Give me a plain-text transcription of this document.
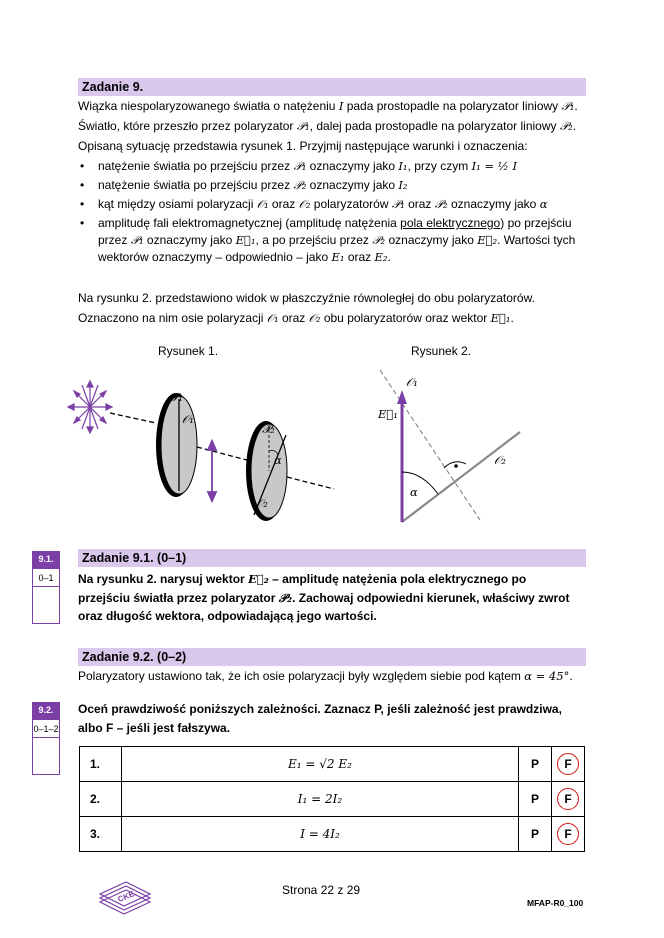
Zadanie 9.
Wiązka niespolaryzowanego światła o natężeniu I pada prostopadle na polaryzator liniowy 𝒫₁.
Światło, które przeszło przez polaryzator 𝒫₁, dalej pada prostopadle na polaryzator liniowy 𝒫₂.
Opisaną sytuację przedstawia rysunek 1. Przyjmij następujące warunki i oznaczenia:
• natężenie światła po przejściu przez 𝒫₁ oznaczymy jako I₁, przy czym I₁ = ½ I
• natężenie światła po przejściu przez 𝒫₂ oznaczymy jako I₂
• kąt między osiami polaryzacji 𝒪₁ oraz 𝒪₂ polaryzatorów 𝒫₁ oraz 𝒫₂ oznaczymy jako α
• amplitudę fali elektromagnetycznej (amplitudę natężenia pola elektrycznego) po przejściu
przez 𝒫₁ oznaczymy jako E⃗₁, a po przejściu przez 𝒫₂ oznaczymy jako E⃗₂. Wartości tych
wektorów oznaczymy – odpowiednio – jako E₁ oraz E₂.
Na rysunku 2. przedstawiono widok w płaszczyźnie równoległej do obu polaryzatorów.
Oznaczono na nim osie polaryzacji 𝒪₁ oraz 𝒪₂ obu polaryzatorów oraz wektor E⃗₁.
Rysunek 1.	Rysunek 2.
𝒫₁
𝒪₁
𝒫₂
α
𝒪₂
𝒪₁
E⃗₁
𝒪₂
α
9.1.
0–1
Zadanie 9.1. (0–1)
Na rysunku 2. narysuj wektor E⃗₂ – amplitudę natężenia pola elektrycznego po
przejściu światła przez polaryzator 𝒫₂. Zachowaj odpowiedni kierunek, właściwy zwrot
oraz długość wektora, odpowiadającą jego wartości.
Zadanie 9.2. (0–2)
Polaryzatory ustawiono tak, że ich osie polaryzacji były względem siebie pod kątem α = 45°.
9.2.
0–1–2
Oceń prawdziwość poniższych zależności. Zaznacz P, jeśli zależność jest prawdziwa,
albo F – jeśli jest fałszywa.
1.	E₁ = √2 E₂	P	F
2.	I₁ = 2I₂	P	F
3.	I = 4I₂	P	F
CKE	Strona 22 z 29
MFAP-R0_100
